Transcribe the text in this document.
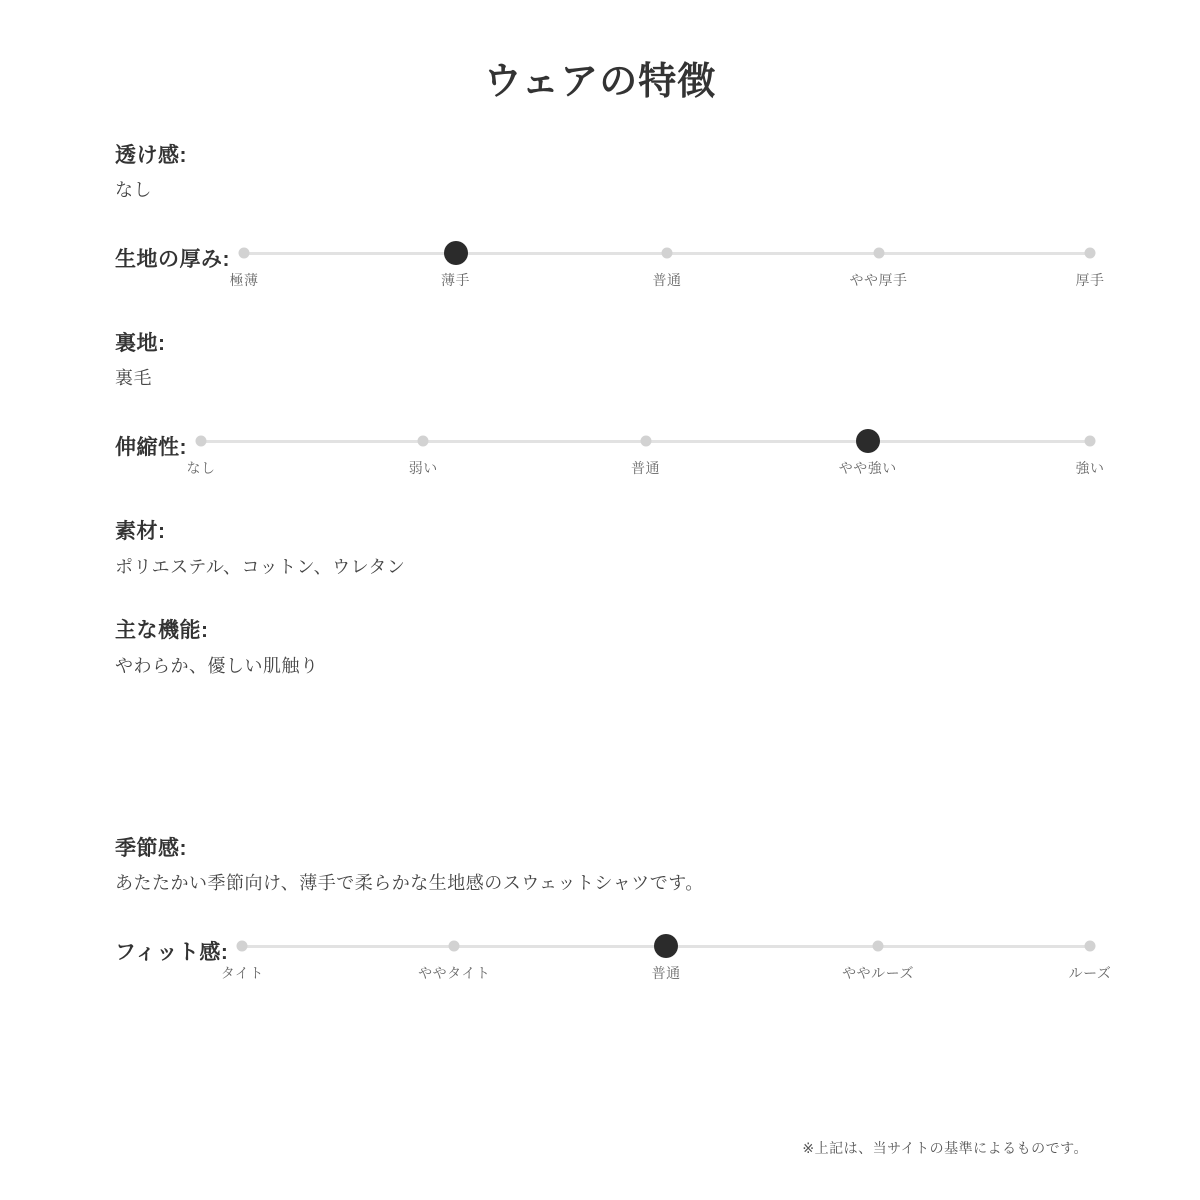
ウェアの特徴
透け感:
なし
生地の厚み:
極薄	薄手	普通	やや厚手	厚手
裏地:
裏毛
伸縮性:
なし	弱い	普通	やや強い	強い
素材:
ポリエステル、コットン、ウレタン
主な機能:
やわらか、優しい肌触り
季節感:
あたたかい季節向け、薄手で柔らかな生地感のスウェットシャツです。
フィット感:
タイト	ややタイト	普通	ややルーズ	ルーズ
※上記は、当サイトの基準によるものです。
